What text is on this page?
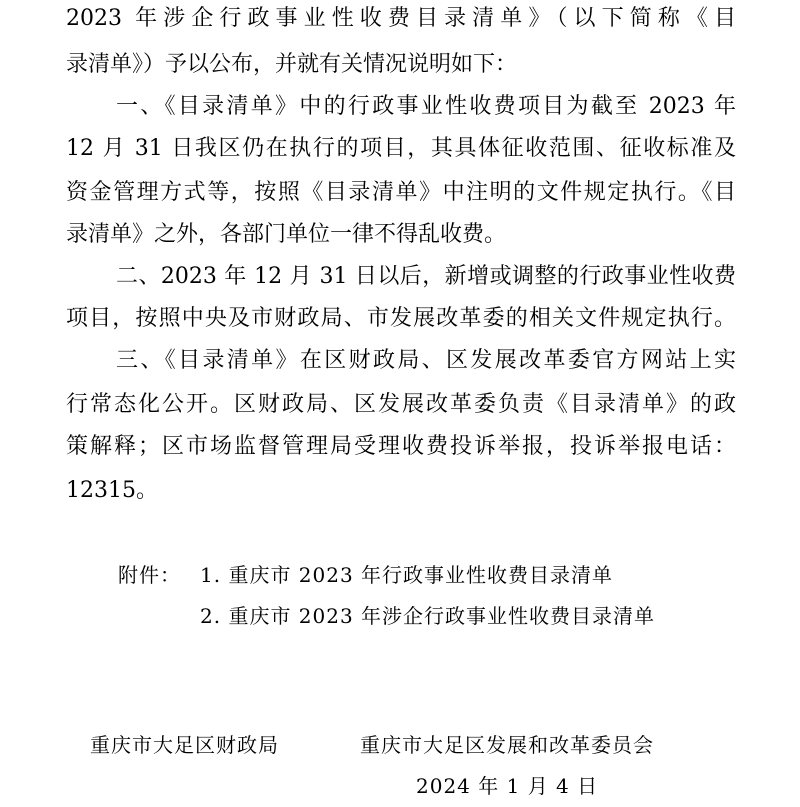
2023 年涉企行政事业性收费目录清单》（以下简称《目
录清单》）予以公布，并就有关情况说明如下：
一、《目录清单》中的行政事业性收费项目为截至 2023 年
12 月 31 日我区仍在执行的项目，其具体征收范围、征收标准及
资金管理方式等，按照《目录清单》中注明的文件规定执行。《目
录清单》之外，各部门单位一律不得乱收费。
二、2023 年 12 月 31 日以后，新增或调整的行政事业性收费
项目，按照中央及市财政局、市发展改革委的相关文件规定执行。
三、《目录清单》在区财政局、区发展改革委官方网站上实
行常态化公开。区财政局、区发展改革委负责《目录清单》的政
策解释；区市场监督管理局受理收费投诉举报，投诉举报电话：
12315。
附件： 1. 重庆市 2023 年行政事业性收费目录清单
2. 重庆市 2023 年涉企行政事业性收费目录清单
重庆市大足区财政局	重庆市大足区发展和改革委员会
2024 年 1 月 4 日
